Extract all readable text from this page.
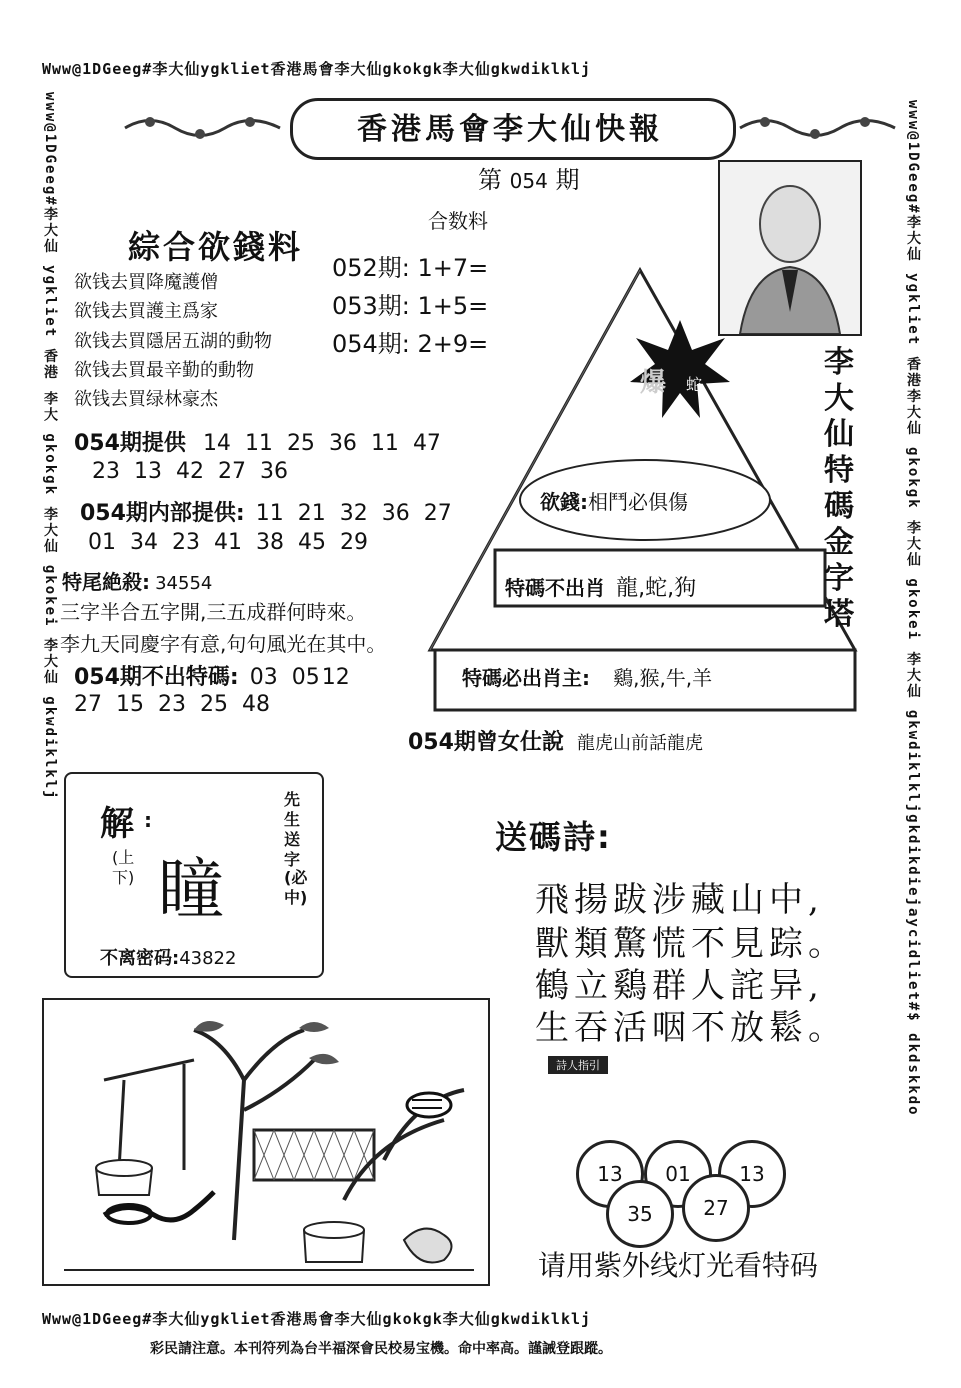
Www@1DGeeg#李大仙ygkliet香港馬會李大仙gkokgk李大仙gkwdiklklj
www@1DGeeg#李大仙 ygkliet 香港 李大 gkokgk 李大仙 gkokei 李大仙 gkwdiklklj	www@1DGeeg#李大仙 ygkliet 香港李大仙 gkokgk 李大仙 gkokei 李大仙 gkwdiklkljgkdikdiejaycidliet#$ dkdskkdo
Www@1DGeeg#李大仙ygkliet香港馬會李大仙gkokgk李大仙gkwdiklklj
彩民請注意。本刊符列為台半福深會民校易宝機。命中率高。謹誡登跟蹤。
香港馬會李大仙快報
第 054 期
合数料
052期: 1+7=
053期: 1+5=
054期: 2+9=
綜合欲錢料
欲钱去買降魔護僧
欲钱去買護主爲家
欲钱去買隱居五湖的動物
欲钱去買最辛勤的動物
欲钱去買绿林豪杰
054期提供 14 11 25 36 11 47
23 13 42 27 36
054期内部提供: 11 21 32 36 27
01 34 23 41 38 45 29
特尾絶殺: 34554
三字半合五字開,三五成群何時來。
李九天同慶字有意,句句風光在其中。
054期不出特碼: 03 0512
27 15 23 25 48
爆 蛇
李大仙特碼金字塔
欲錢:相鬥必俱傷
特碼不出肖 龍,蛇,狗
特碼必出肖主: 鷄,猴,牛,羊
054期曾女仕說 龍虎山前話龍虎
解 :
(上下) 瞳
先生送字
(必中)
不离密码:43822
送碼詩:
飛揚跋涉藏山中,
獸類驚慌不見踪。
鶴立鷄群人詫异,
生吞活咽不放鬆。
詩人指引
13	01	13
35	27
请用紫外线灯光看特码
